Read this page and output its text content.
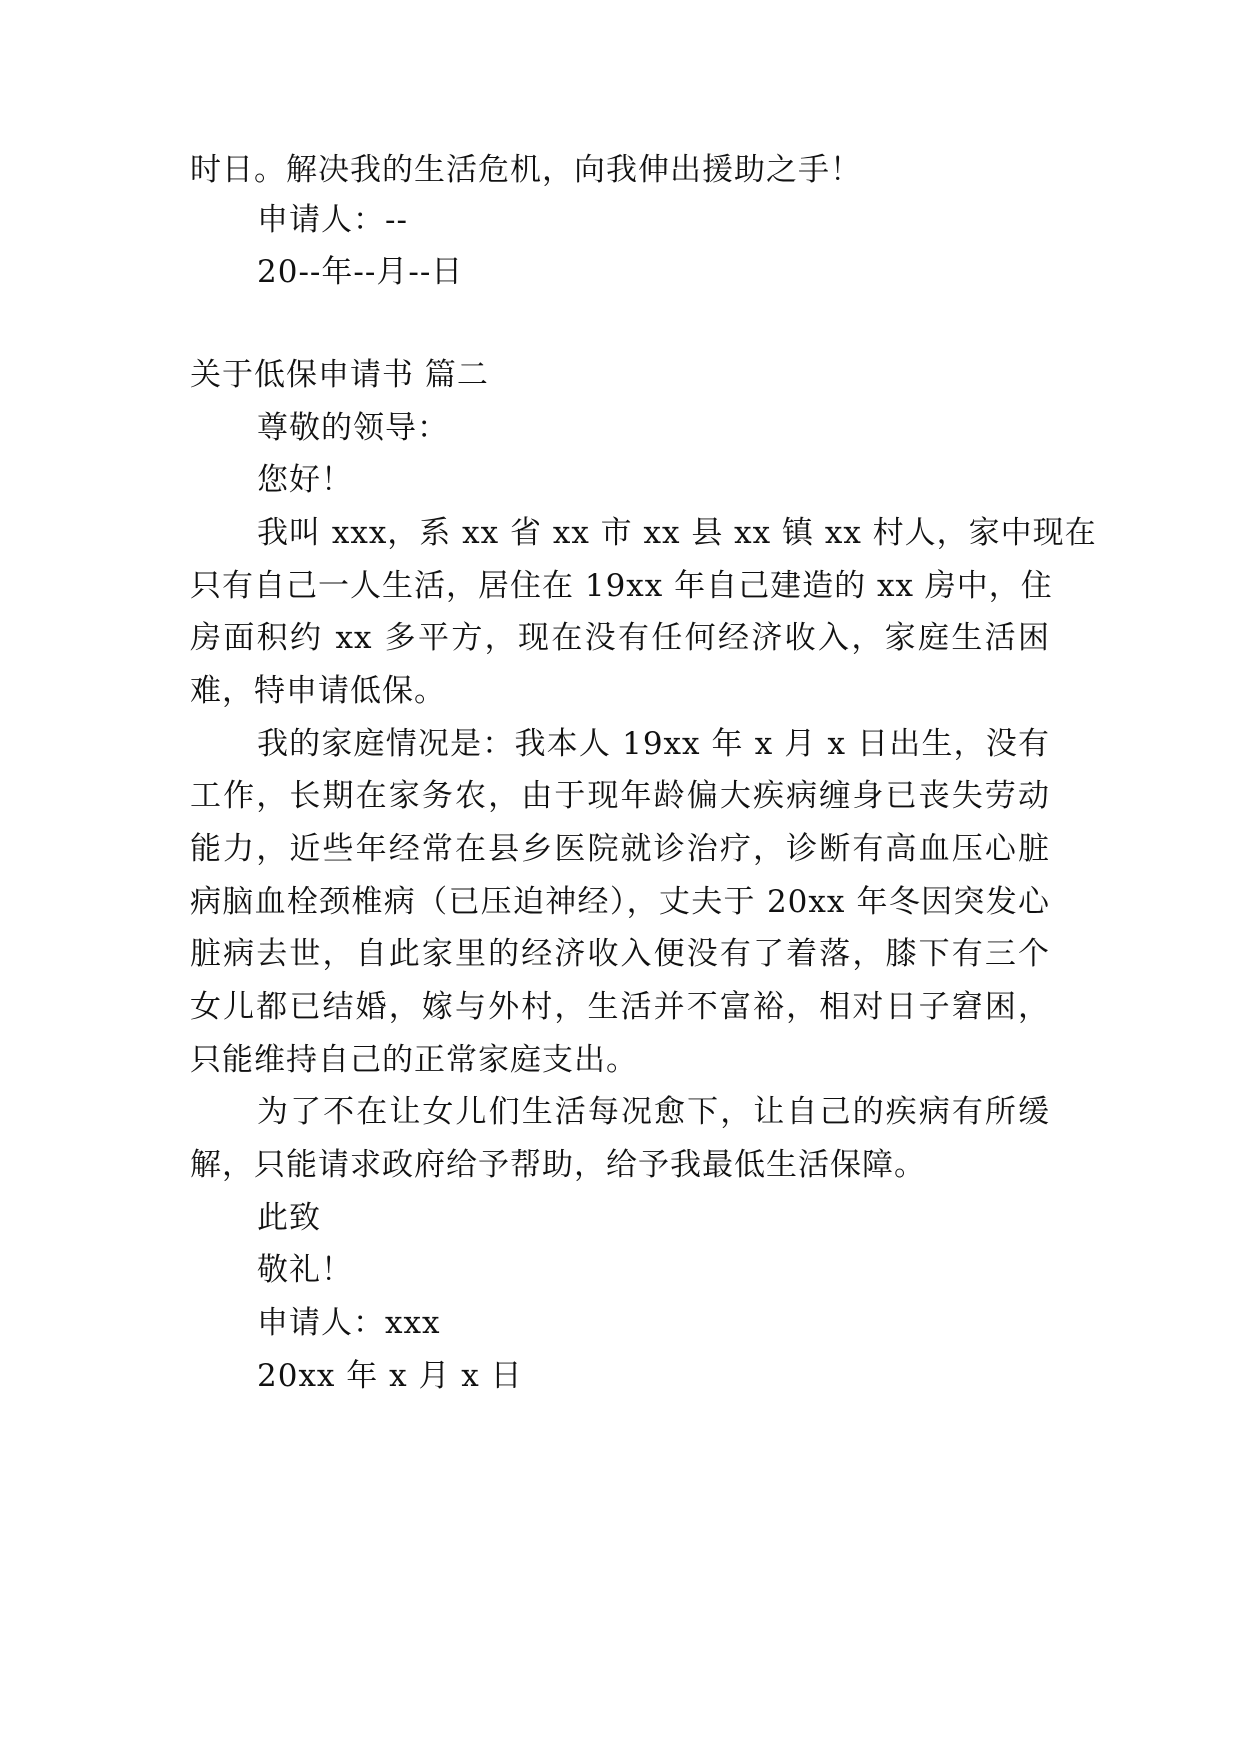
时日。解决我的生活危机，向我伸出援助之手！
申请人：--
20--年--月--日
关于低保申请书 篇二
尊敬的领导：
您好！
我叫 xxx，系 xx 省 xx 市 xx 县 xx 镇 xx 村人，家中现在
只有自己一人生活，居住在 19xx 年自己建造的 xx 房中，住
房面积约 xx 多平方，现在没有任何经济收入，家庭生活困
难，特申请低保。
我的家庭情况是：我本人 19xx 年 x 月 x 日出生，没有
工作，长期在家务农，由于现年龄偏大疾病缠身已丧失劳动
能力，近些年经常在县乡医院就诊治疗，诊断有高血压心脏
病脑血栓颈椎病（已压迫神经），丈夫于 20xx 年冬因突发心
脏病去世，自此家里的经济收入便没有了着落，膝下有三个
女儿都已结婚，嫁与外村，生活并不富裕，相对日子窘困，
只能维持自己的正常家庭支出。
为了不在让女儿们生活每况愈下，让自己的疾病有所缓
解，只能请求政府给予帮助，给予我最低生活保障。
此致
敬礼！
申请人：xxx
20xx 年 x 月 x 日
